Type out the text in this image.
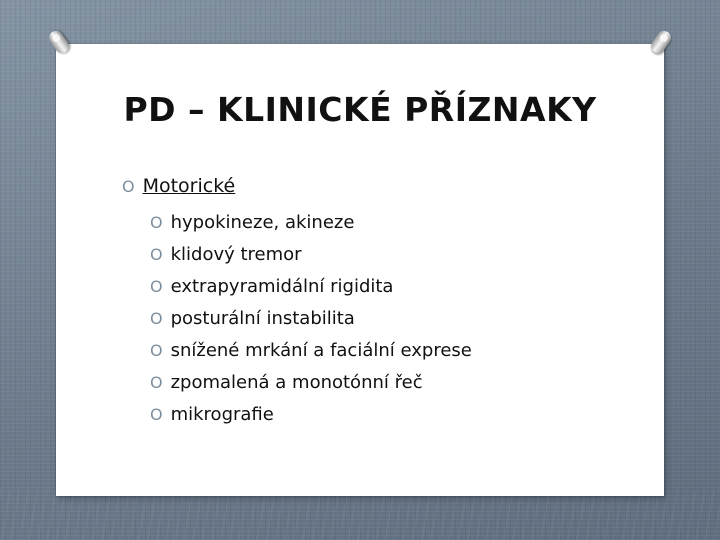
PD – KLINICKÉ PŘÍZNAKY
O Motorické
O hypokineze, akineze
O klidový tremor
O extrapyramidální rigidita
O posturální instabilita
O snížené mrkání a faciální exprese
O zpomalená a monotónní řeč
O mikrografie
